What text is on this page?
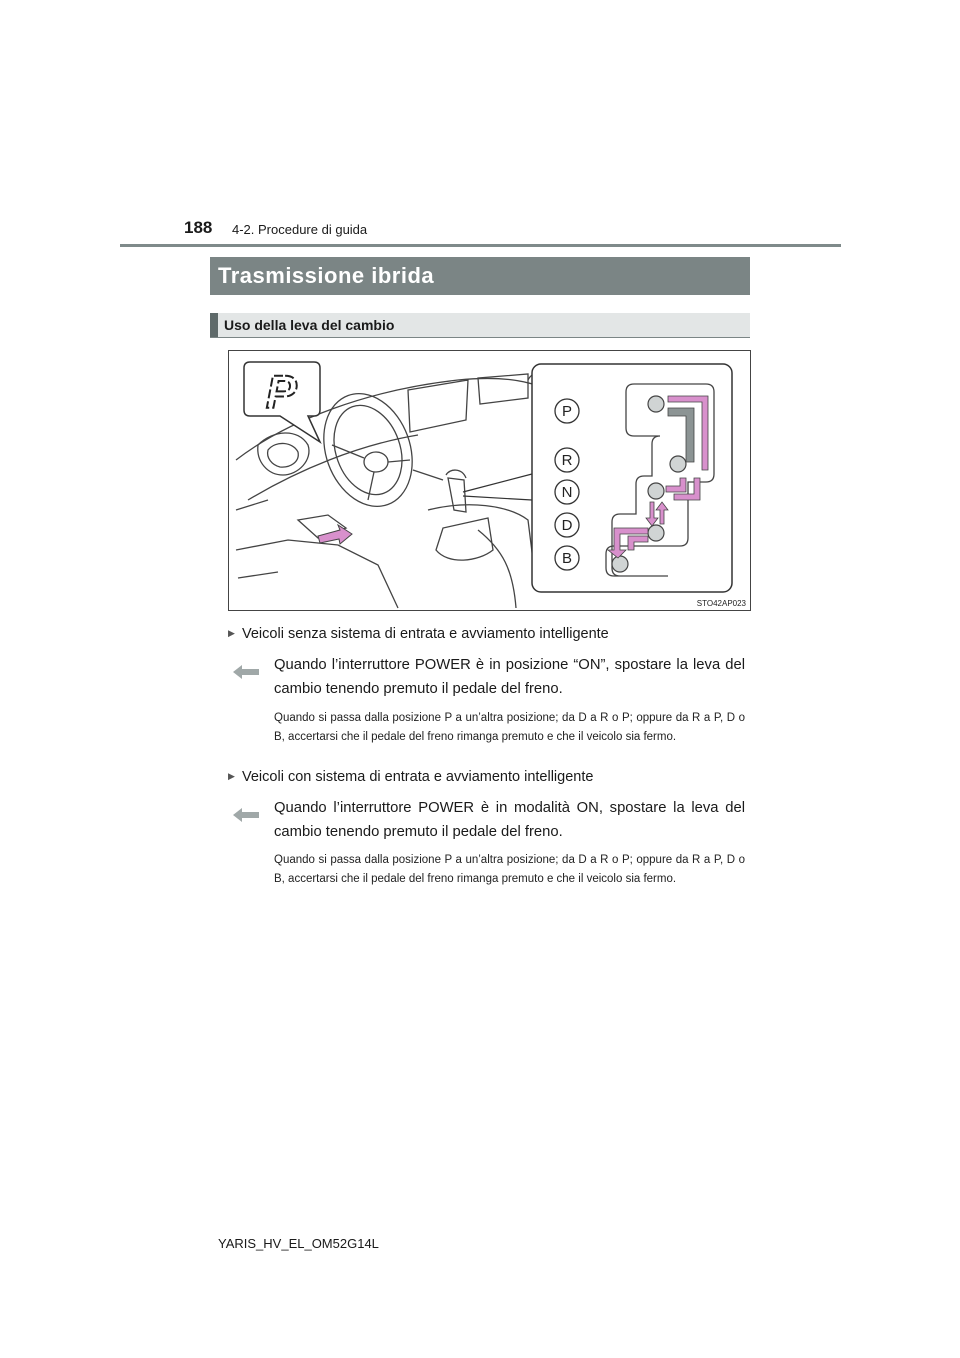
188 4-2. Procedure di guida
Trasmissione ibrida
Uso della leva del cambio
P	P
R
N
D
B
STO42AP023
▶ Veicoli senza sistema di entrata e avviamento intelligente
Quando l’interruttore POWER è in posizione “ON”, spostare la leva del cambio tenendo premuto il pedale del freno.
Quando si passa dalla posizione P a un’altra posizione; da D a R o P; oppure da R a P, D o B, accertarsi che il pedale del freno rimanga premuto e che il veicolo sia fermo.
▶ Veicoli con sistema di entrata e avviamento intelligente
Quando l’interruttore POWER è in modalità ON, spostare la leva del cambio tenendo premuto il pedale del freno.
Quando si passa dalla posizione P a un’altra posizione; da D a R o P; oppure da R a P, D o B, accertarsi che il pedale del freno rimanga premuto e che il veicolo sia fermo.
YARIS_HV_EL_OM52G14L
